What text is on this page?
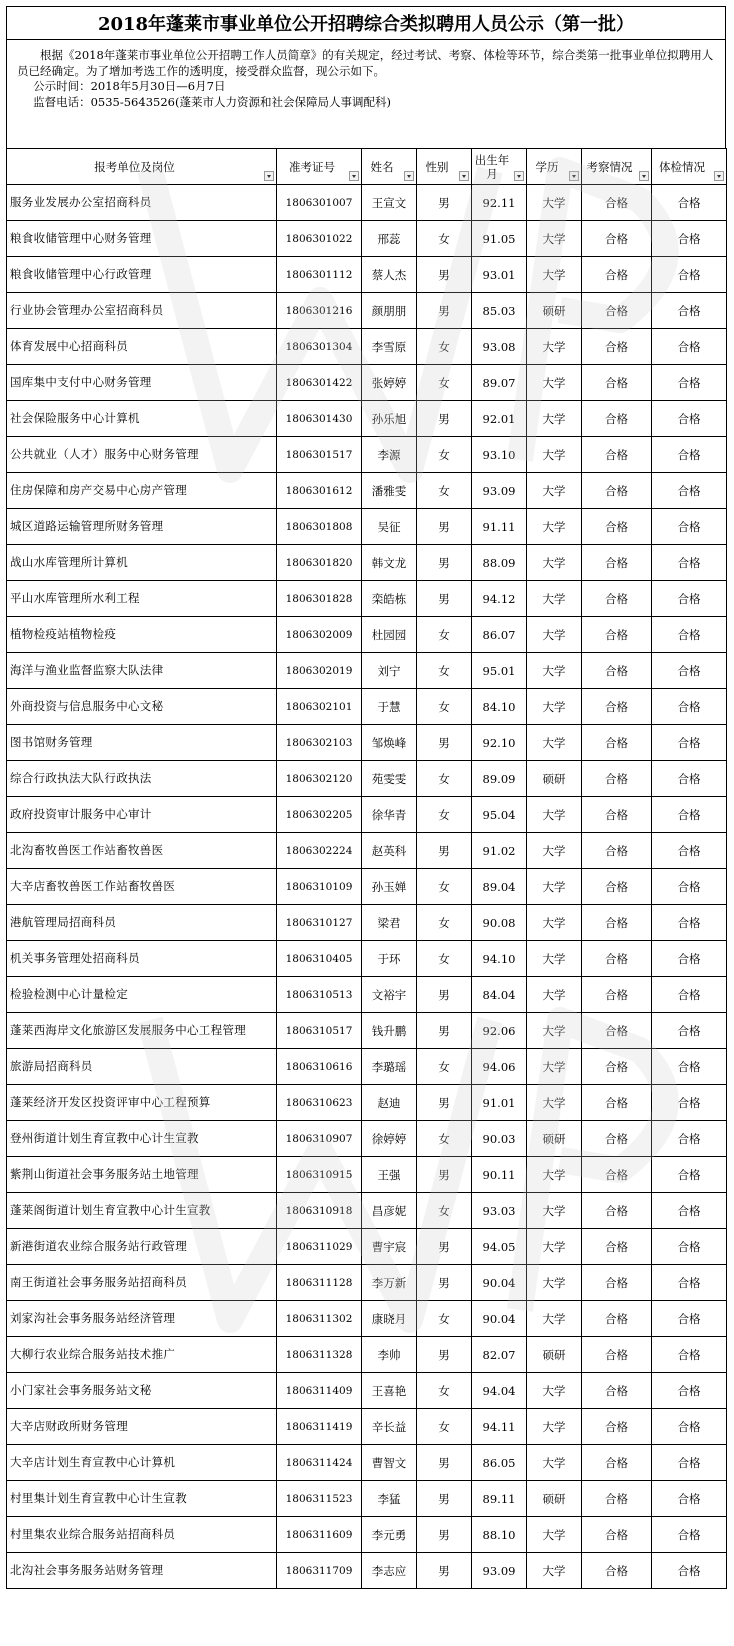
2018年蓬莱市事业单位公开招聘综合类拟聘用人员公示（第一批）

根据《2018年蓬莱市事业单位公开招聘工作人员简章》的有关规定，经过考试、考察、体检等环节，综合类第一批事业单位拟聘用人员已经确定。为了增加考选工作的透明度，接受群众监督，现公示如下。

公示时间：2018年5月30日—6月7日

监督电话：0535-5643526(蓬莱市人力资源和社会保障局人事调配科)

报考单位及岗位	准考证号	姓名	性别	出生年月	学历	考察情况	体检情况

服务业发展办公室招商科员	1806301007	王宣文	男	92.11	大学	合格	合格
粮食收储管理中心财务管理	1806301022	邢蕊	女	91.05	大学	合格	合格
粮食收储管理中心行政管理	1806301112	蔡人杰	男	93.01	大学	合格	合格
行业协会管理办公室招商科员	1806301216	颜朋朋	男	85.03	硕研	合格	合格
体育发展中心招商科员	1806301304	李雪原	女	93.08	大学	合格	合格
国库集中支付中心财务管理	1806301422	张婷婷	女	89.07	大学	合格	合格
社会保险服务中心计算机	1806301430	孙乐旭	男	92.01	大学	合格	合格
公共就业（人才）服务中心财务管理	1806301517	李源	女	93.10	大学	合格	合格
住房保障和房产交易中心房产管理	1806301612	潘雅雯	女	93.09	大学	合格	合格
城区道路运输管理所财务管理	1806301808	吴征	男	91.11	大学	合格	合格
战山水库管理所计算机	1806301820	韩文龙	男	88.09	大学	合格	合格
平山水库管理所水利工程	1806301828	栾皓栋	男	94.12	大学	合格	合格
植物检疫站植物检疫	1806302009	杜园园	女	86.07	大学	合格	合格
海洋与渔业监督监察大队法律	1806302019	刘宁	女	95.01	大学	合格	合格
外商投资与信息服务中心文秘	1806302101	于慧	女	84.10	大学	合格	合格
图书馆财务管理	1806302103	邹焕峰	男	92.10	大学	合格	合格
综合行政执法大队行政执法	1806302120	苑雯雯	女	89.09	硕研	合格	合格
政府投资审计服务中心审计	1806302205	徐华青	女	95.04	大学	合格	合格
北沟畜牧兽医工作站畜牧兽医	1806302224	赵英科	男	91.02	大学	合格	合格
大辛店畜牧兽医工作站畜牧兽医	1806310109	孙玉婵	女	89.04	大学	合格	合格
港航管理局招商科员	1806310127	梁君	女	90.08	大学	合格	合格
机关事务管理处招商科员	1806310405	于环	女	94.10	大学	合格	合格
检验检测中心计量检定	1806310513	文裕宇	男	84.04	大学	合格	合格
蓬莱西海岸文化旅游区发展服务中心工程管理	1806310517	钱升鹏	男	92.06	大学	合格	合格
旅游局招商科员	1806310616	李璐瑶	女	94.06	大学	合格	合格
蓬莱经济开发区投资评审中心工程预算	1806310623	赵迪	男	91.01	大学	合格	合格
登州街道计划生育宣教中心计生宣教	1806310907	徐婷婷	女	90.03	硕研	合格	合格
紫荆山街道社会事务服务站土地管理	1806310915	王强	男	90.11	大学	合格	合格
蓬莱阁街道计划生育宣教中心计生宣教	1806310918	昌彦妮	女	93.03	大学	合格	合格
新港街道农业综合服务站行政管理	1806311029	曹宇宸	男	94.05	大学	合格	合格
南王街道社会事务服务站招商科员	1806311128	李万新	男	90.04	大学	合格	合格
刘家沟社会事务服务站经济管理	1806311302	康晓月	女	90.04	大学	合格	合格
大柳行农业综合服务站技术推广	1806311328	李帅	男	82.07	硕研	合格	合格
小门家社会事务服务站文秘	1806311409	王喜艳	女	94.04	大学	合格	合格
大辛店财政所财务管理	1806311419	辛长益	女	94.11	大学	合格	合格
大辛店计划生育宣教中心计算机	1806311424	曹智文	男	86.05	大学	合格	合格
村里集计划生育宣教中心计生宣教	1806311523	李猛	男	89.11	硕研	合格	合格
村里集农业综合服务站招商科员	1806311609	李元勇	男	88.10	大学	合格	合格
北沟社会事务服务站财务管理	1806311709	李志应	男	93.09	大学	合格	合格
